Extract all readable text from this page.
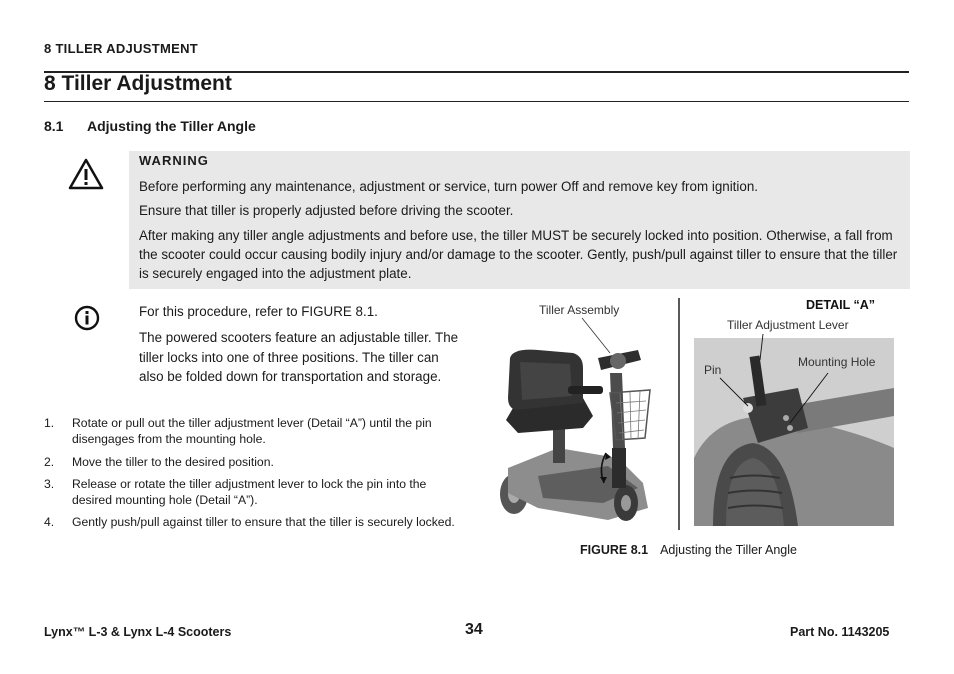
8 TILLER ADJUSTMENT
8 Tiller Adjustment
8.1 Adjusting the Tiller Angle
WARNING
Before performing any maintenance, adjustment or service, turn power Off and remove key from ignition.
Ensure that tiller is properly adjusted before driving the scooter.
After making any tiller angle adjustments and before use, the tiller MUST be securely locked into position. Otherwise, a fall from the scooter could occur causing bodily injury and/or damage to the scooter. Gently, push/pull against tiller to ensure that the tiller is securely engaged into the adjustment plate.
For this procedure, refer to FIGURE 8.1.
The powered scooters feature an adjustable tiller. The tiller locks into one of three positions. The tiller can also be folded down for transportation and storage.
1. Rotate or pull out the tiller adjustment lever (Detail “A”) until the pin disengages from the mounting hole.
2. Move the tiller to the desired position.
3. Release or rotate the tiller adjustment lever to lock the pin into the desired mounting hole (Detail “A”).
4. Gently push/pull against tiller to ensure that the tiller is securely locked.
Tiller Assembly	DETAIL “A”
Tiller Adjustment Lever
Pin
Mounting Hole
FIGURE 8.1 Adjusting the Tiller Angle
Lynx™ L-3 & Lynx L-4 Scooters	34	Part No. 1143205
